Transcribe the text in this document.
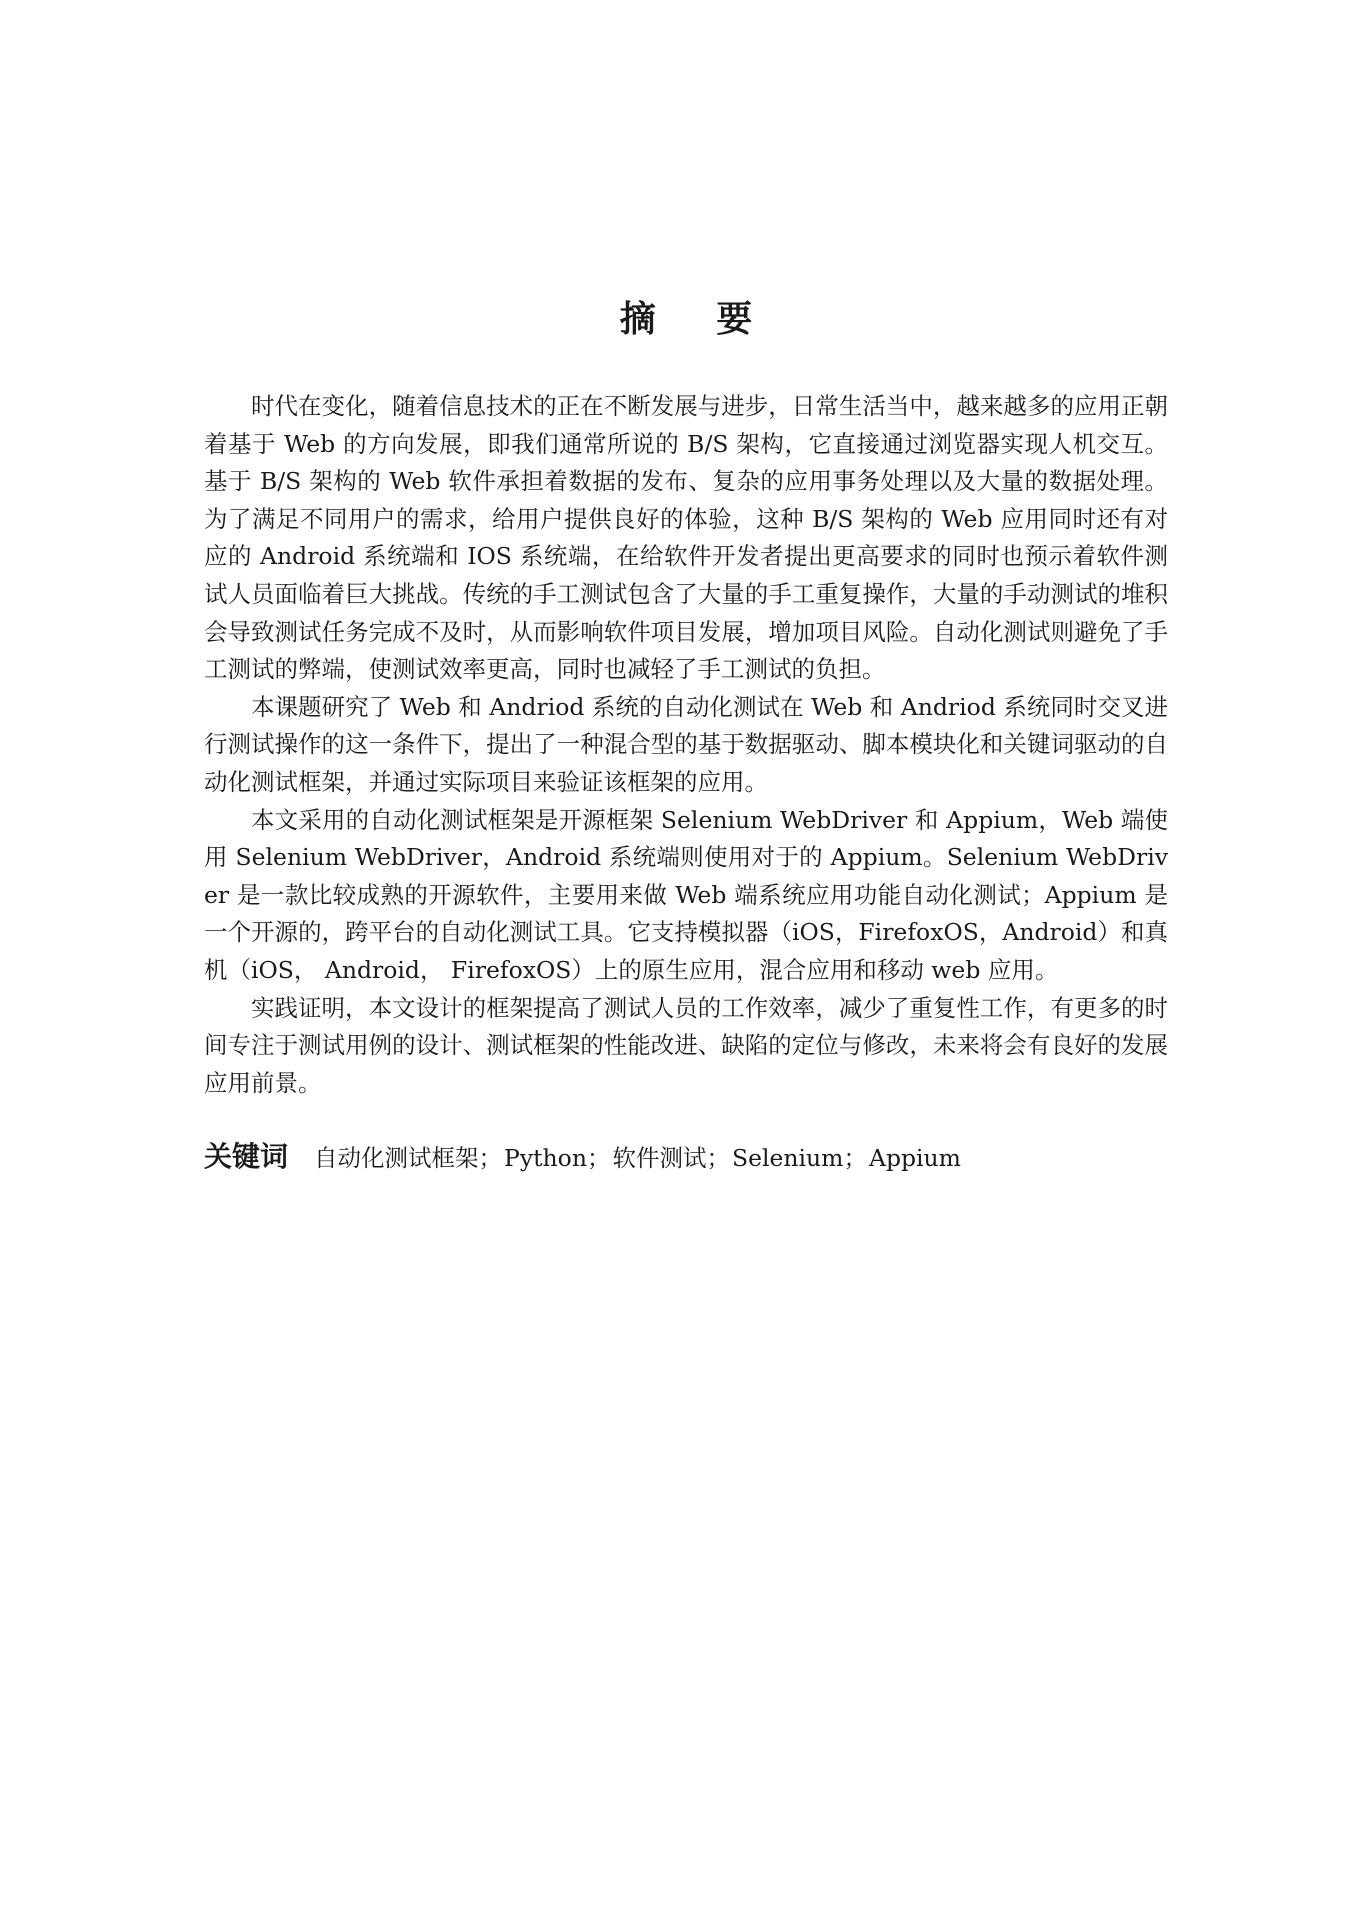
摘 要

时代在变化，随着信息技术的正在不断发展与进步，日常生活当中，越来越多的应用正朝着基于 Web 的方向发展，即我们通常所说的 B/S 架构，它直接通过浏览器实现人机交互。基于 B/S 架构的 Web 软件承担着数据的发布、复杂的应用事务处理以及大量的数据处理。为了满足不同用户的需求，给用户提供良好的体验，这种 B/S 架构的 Web 应用同时还有对应的 Android 系统端和 IOS 系统端，在给软件开发者提出更高要求的同时也预示着软件测试人员面临着巨大挑战。传统的手工测试包含了大量的手工重复操作，大量的手动测试的堆积会导致测试任务完成不及时，从而影响软件项目发展，增加项目风险。自动化测试则避免了手工测试的弊端，使测试效率更高，同时也减轻了手工测试的负担。

本课题研究了 Web 和 Andriod 系统的自动化测试在 Web 和 Andriod 系统同时交叉进行测试操作的这一条件下，提出了一种混合型的基于数据驱动、脚本模块化和关键词驱动的自动化测试框架，并通过实际项目来验证该框架的应用。

本文采用的自动化测试框架是开源框架 Selenium WebDriver 和 Appium，Web 端使用 Selenium WebDriver，Android 系统端则使用对于的 Appium。Selenium WebDriver 是一款比较成熟的开源软件，主要用来做 Web 端系统应用功能自动化测试；Appium 是一个开源的，跨平台的自动化测试工具。它支持模拟器（iOS，FirefoxOS，Android）和真机（iOS， Android， FirefoxOS）上的原生应用，混合应用和移动 web 应用。

实践证明，本文设计的框架提高了测试人员的工作效率，减少了重复性工作，有更多的时间专注于测试用例的设计、测试框架的性能改进、缺陷的定位与修改，未来将会有良好的发展应用前景。

关键词 自动化测试框架 ； Python ； 软件测试 ； Selenium ； Appium
